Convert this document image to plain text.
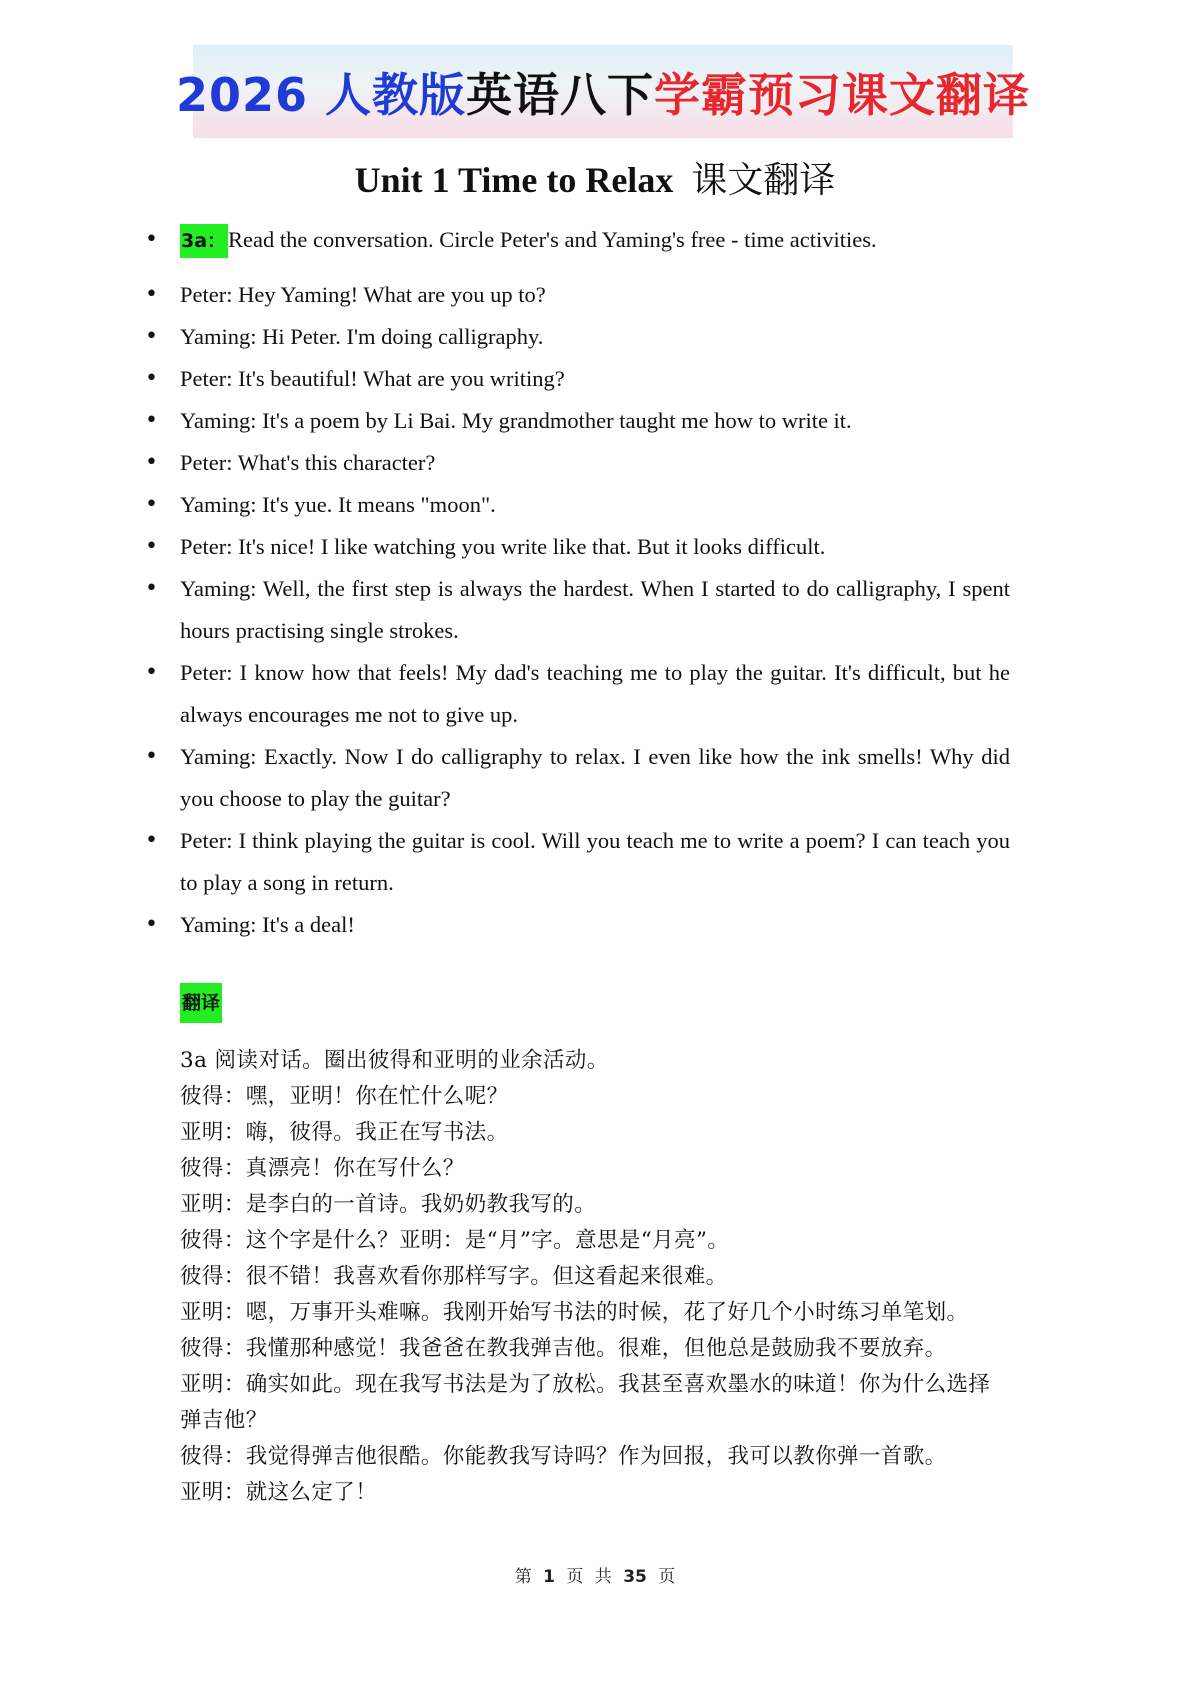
2026 人教版 英语八下 学霸预习课文翻译
Unit 1 Time to Relax 课文翻译
• 3a：Read the conversation. Circle Peter's and Yaming's free - time activities.
• Peter: Hey Yaming! What are you up to?
• Yaming: Hi Peter. I'm doing calligraphy.
• Peter: It's beautiful! What are you writing?
• Yaming: It's a poem by Li Bai. My grandmother taught me how to write it.
• Peter: What's this character?
• Yaming: It's yue. It means "moon".
• Peter: It's nice! I like watching you write like that. But it looks difficult.
• Yaming: Well, the first step is always the hardest. When I started to do calligraphy, I spent hours practising single strokes.
• Peter: I know how that feels! My dad's teaching me to play the guitar. It's difficult, but he always encourages me not to give up.
• Yaming: Exactly. Now I do calligraphy to relax. I even like how the ink smells! Why did you choose to play the guitar?
• Peter: I think playing the guitar is cool. Will you teach me to write a poem? I can teach you to play a song in return.
• Yaming: It's a deal!
翻译
3a 阅读对话。圈出彼得和亚明的业余活动。
彼得：嘿，亚明！你在忙什么呢？
亚明：嗨，彼得。我正在写书法。
彼得：真漂亮！你在写什么？
亚明：是李白的一首诗。我奶奶教我写的。
彼得：这个字是什么？亚明：是“月”字。意思是“月亮”。
彼得：很不错！我喜欢看你那样写字。但这看起来很难。
亚明：嗯，万事开头难嘛。我刚开始写书法的时候，花了好几个小时练习单笔划。
彼得：我懂那种感觉！我爸爸在教我弹吉他。很难，但他总是鼓励我不要放弃。
亚明：确实如此。现在我写书法是为了放松。我甚至喜欢墨水的味道！你为什么选择弹吉他？
彼得：我觉得弹吉他很酷。你能教我写诗吗？作为回报，我可以教你弹一首歌。
亚明：就这么定了！
第 1 页 共 35 页
